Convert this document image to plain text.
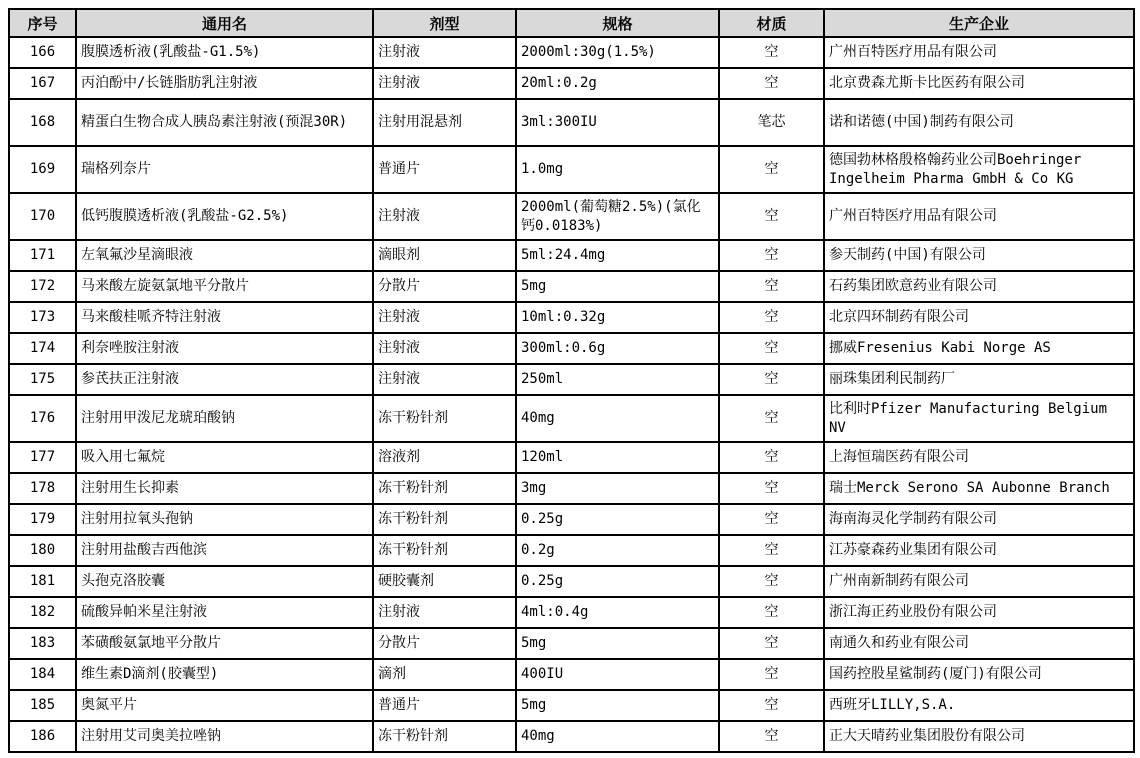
序号	通用名	剂型	规格	材质	生产企业
166	腹膜透析液(乳酸盐-G1.5%)	注射液	2000ml:30g(1.5%)	空	广州百特医疗用品有限公司
167	丙泊酚中/长链脂肪乳注射液	注射液	20ml:0.2g	空	北京费森尤斯卡比医药有限公司
168	精蛋白生物合成人胰岛素注射液(预混30R)	注射用混悬剂	3ml:300IU	笔芯	诺和诺德(中国)制药有限公司
169	瑞格列奈片	普通片	1.0mg	空	德国勃林格殷格翰药业公司Boehringer Ingelheim Pharma GmbH & Co KG
170	低钙腹膜透析液(乳酸盐-G2.5%)	注射液	2000ml(葡萄糖2.5%)(氯化钙0.0183%)	空	广州百特医疗用品有限公司
171	左氧氟沙星滴眼液	滴眼剂	5ml:24.4mg	空	参天制药(中国)有限公司
172	马来酸左旋氨氯地平分散片	分散片	5mg	空	石药集团欧意药业有限公司
173	马来酸桂哌齐特注射液	注射液	10ml:0.32g	空	北京四环制药有限公司
174	利奈唑胺注射液	注射液	300ml:0.6g	空	挪威Fresenius Kabi Norge AS
175	参芪扶正注射液	注射液	250ml	空	丽珠集团利民制药厂
176	注射用甲泼尼龙琥珀酸钠	冻干粉针剂	40mg	空	比利时Pfizer Manufacturing Belgium NV
177	吸入用七氟烷	溶液剂	120ml	空	上海恒瑞医药有限公司
178	注射用生长抑素	冻干粉针剂	3mg	空	瑞士Merck Serono SA Aubonne Branch
179	注射用拉氧头孢钠	冻干粉针剂	0.25g	空	海南海灵化学制药有限公司
180	注射用盐酸吉西他滨	冻干粉针剂	0.2g	空	江苏豪森药业集团有限公司
181	头孢克洛胶囊	硬胶囊剂	0.25g	空	广州南新制药有限公司
182	硫酸异帕米星注射液	注射液	4ml:0.4g	空	浙江海正药业股份有限公司
183	苯磺酸氨氯地平分散片	分散片	5mg	空	南通久和药业有限公司
184	维生素D滴剂(胶囊型)	滴剂	400IU	空	国药控股星鲨制药(厦门)有限公司
185	奥氮平片	普通片	5mg	空	西班牙LILLY,S.A.
186	注射用艾司奥美拉唑钠	冻干粉针剂	40mg	空	正大天晴药业集团股份有限公司
